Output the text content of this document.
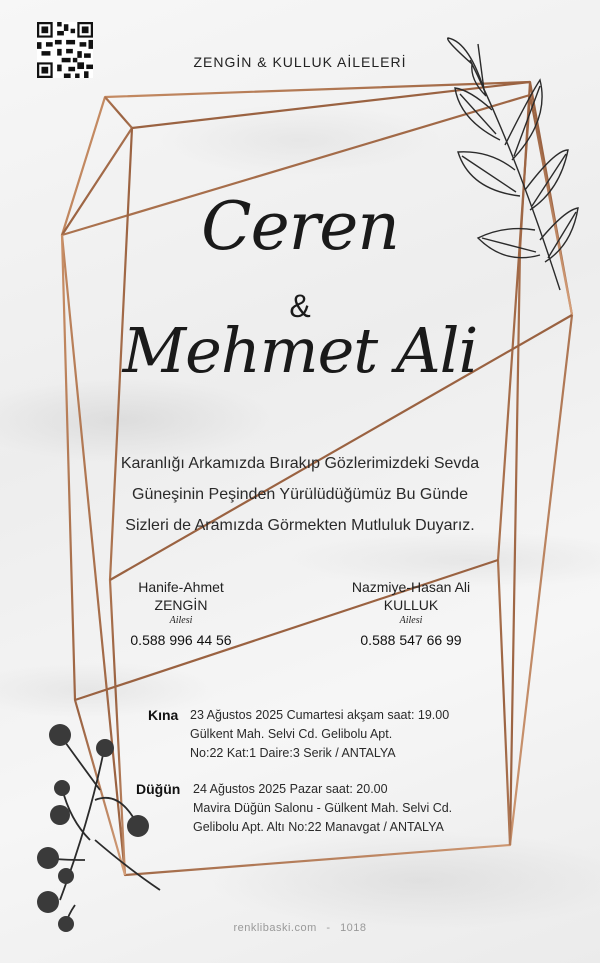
ZENGİN & KULLUK AİLELERİ
Ceren
&
Mehmet Ali
Karanlığı Arkamızda Bırakıp Gözlerimizdeki Sevda
Güneşinin Peşinden Yürülüdüğümüz Bu Günde
Sizleri de Aramızda Görmekten Mutluluk Duyarız.
Hanife-Ahmet
ZENGİN
Ailesi
0.588 996 44 56
Nazmiye-Hasan Ali
KULLUK
Ailesi
0.588 547 66 99
Kına 23 Ağustos 2025 Cumartesi akşam saat: 19.00
Gülkent Mah. Selvi Cd. Gelibolu Apt.
No:22 Kat:1 Daire:3 Serik / ANTALYA
Düğün 24 Ağustos 2025 Pazar saat: 20.00
Mavira Düğün Salonu - Gülkent Mah. Selvi Cd.
Gelibolu Apt. Altı No:22 Manavgat / ANTALYA
renklibaski.com - 1018
